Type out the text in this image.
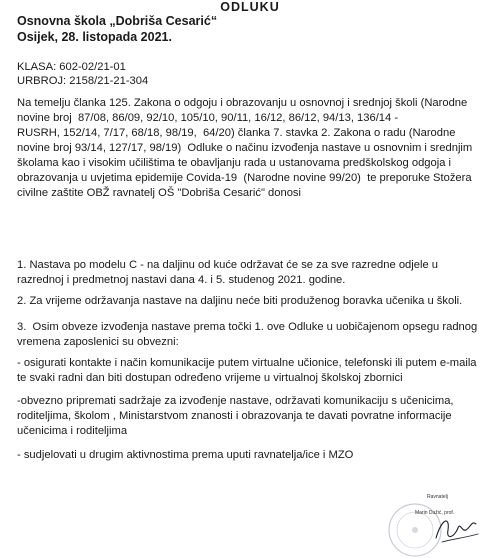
Osnovna škola „Dobriša Cesarić“
Osijek, 28. listopada 2021.
KLASA: 602-02/21-01
URBROJ: 2158/21-21-304
Na temelju članka 125. Zakona o odgoju i obrazovanju u osnovnoj i srednjoj školi (Narodne
novine broj  87/08, 86/09, 92/10, 105/10, 90/11, 16/12, 86/12, 94/13, 136/14 -
RUSRH, 152/14, 7/17, 68/18, 98/19,  64/20) članka 7. stavka 2. Zakona o radu (Narodne
novine broj 93/14, 127/17, 98/19)  Odluke o načinu izvođenja nastave u osnovnim i srednjim
školama kao i visokim učilištima te obavljanju rada u ustanovama predškolskog odgoja i
obrazovanja u uvjetima epidemije Covida-19  (Narodne novine 99/20)  te preporuke Stožera
civilne zaštite OBŽ ravnatelj OŠ "Dobriša Cesarić" donosi
ODLUKU
1. Nastava po modelu C - na daljinu od kuće održavat će se za sve razredne odjele u
razrednoj i predmetnoj nastavi dana 4. i 5. studenog 2021. godine.
2. Za vrijeme održavanja nastave na daljinu neće biti produženog boravka učenika u školi.
3.  Osim obveze izvođenja nastave prema točki 1. ove Odluke u uobičajenom opsegu radnog
vremena zaposlenici su obvezni:
- osigurati kontakte i način komunikacije putem virtualne učionice, telefonski ili putem e-maila
te svaki radni dan biti dostupan određeno vrijeme u virtualnoj školskoj zbornici
-obvezno pripremati sadržaje za izvođenje nastave, održavati komunikaciju s učenicima,
roditeljima, školom , Ministarstvom znanosti i obrazovanja te davati povratne informacije
učenicima i roditeljima
- sudjelovati u drugim aktivnostima prema uputi ravnatelja/ice i MZO
Ravnatelj
Marin Dužić, prof.
